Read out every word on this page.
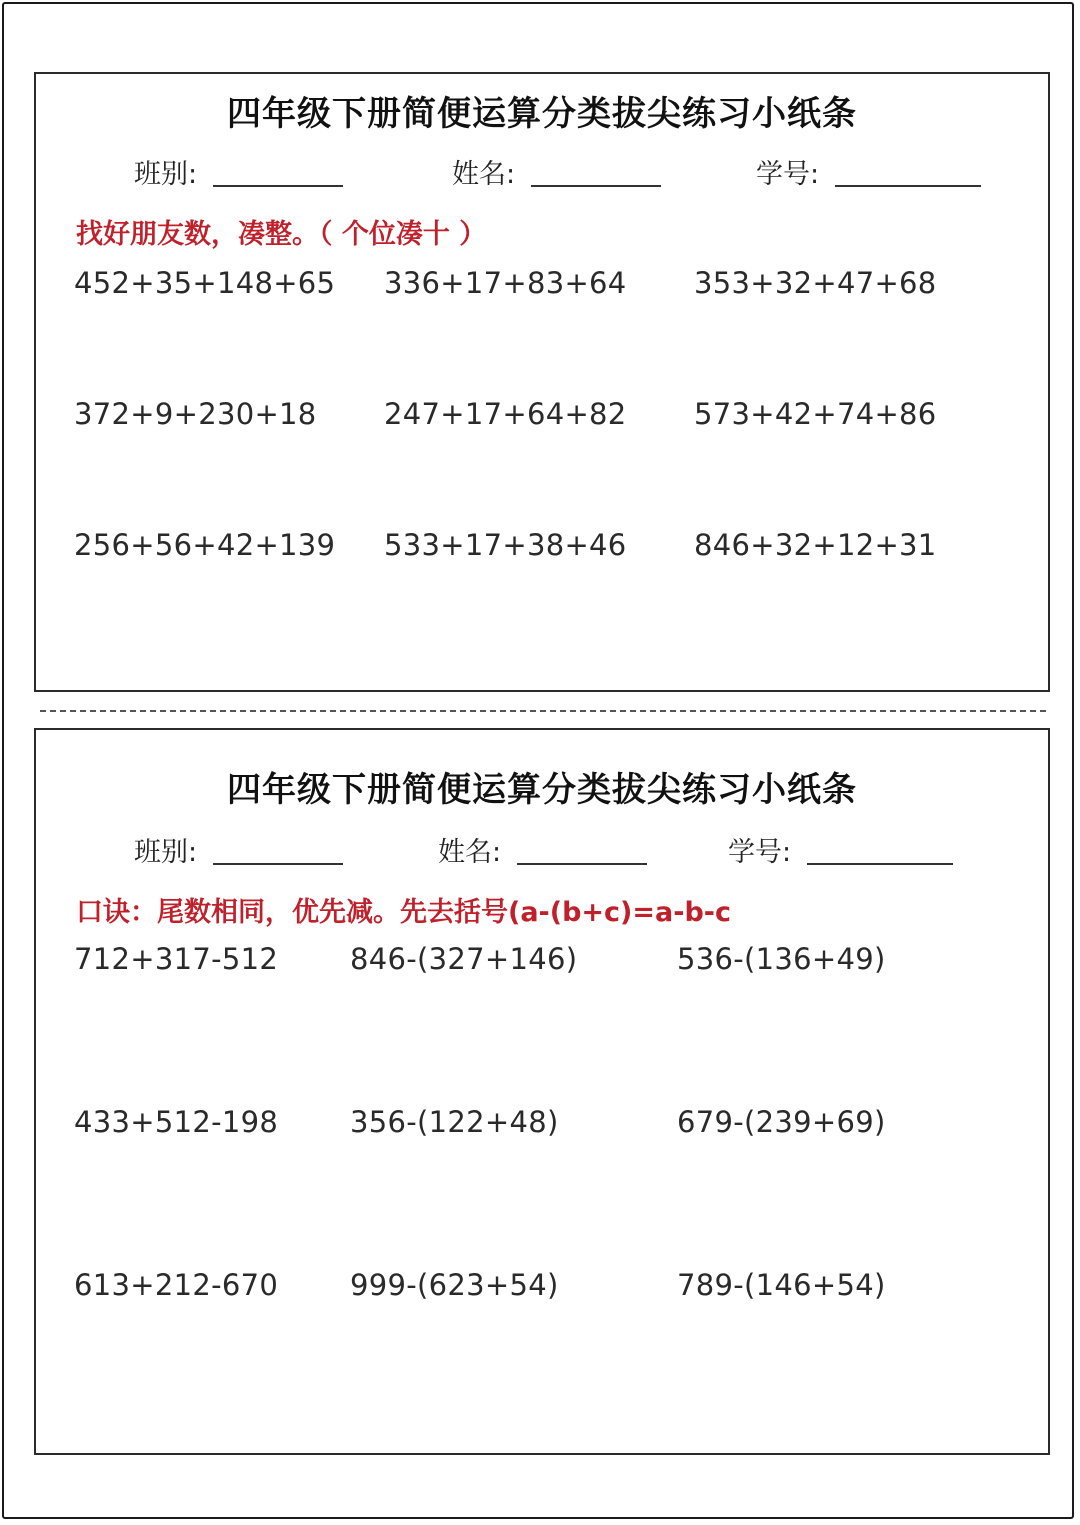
四年级下册简便运算分类拔尖练习小纸条
班别:	姓名:	学号:

找好朋友数，凑整。（ 个位凑十 ）

452+35+148+65 336+17+83+64 353+32+47+68
372+9+230+18 247+17+64+82 573+42+74+86
256+56+42+139 533+17+38+46 846+32+12+31
四年级下册简便运算分类拔尖练习小纸条
班别:	姓名:	学号:

口诀：尾数相同，优先减。先去括号(a-(b+c)=a-b-c

712+317-512 846-(327+146)	536-(136+49)
433+512-198 356-(122+48)	679-(239+69)
613+212-670 999-(623+54)	789-(146+54)
